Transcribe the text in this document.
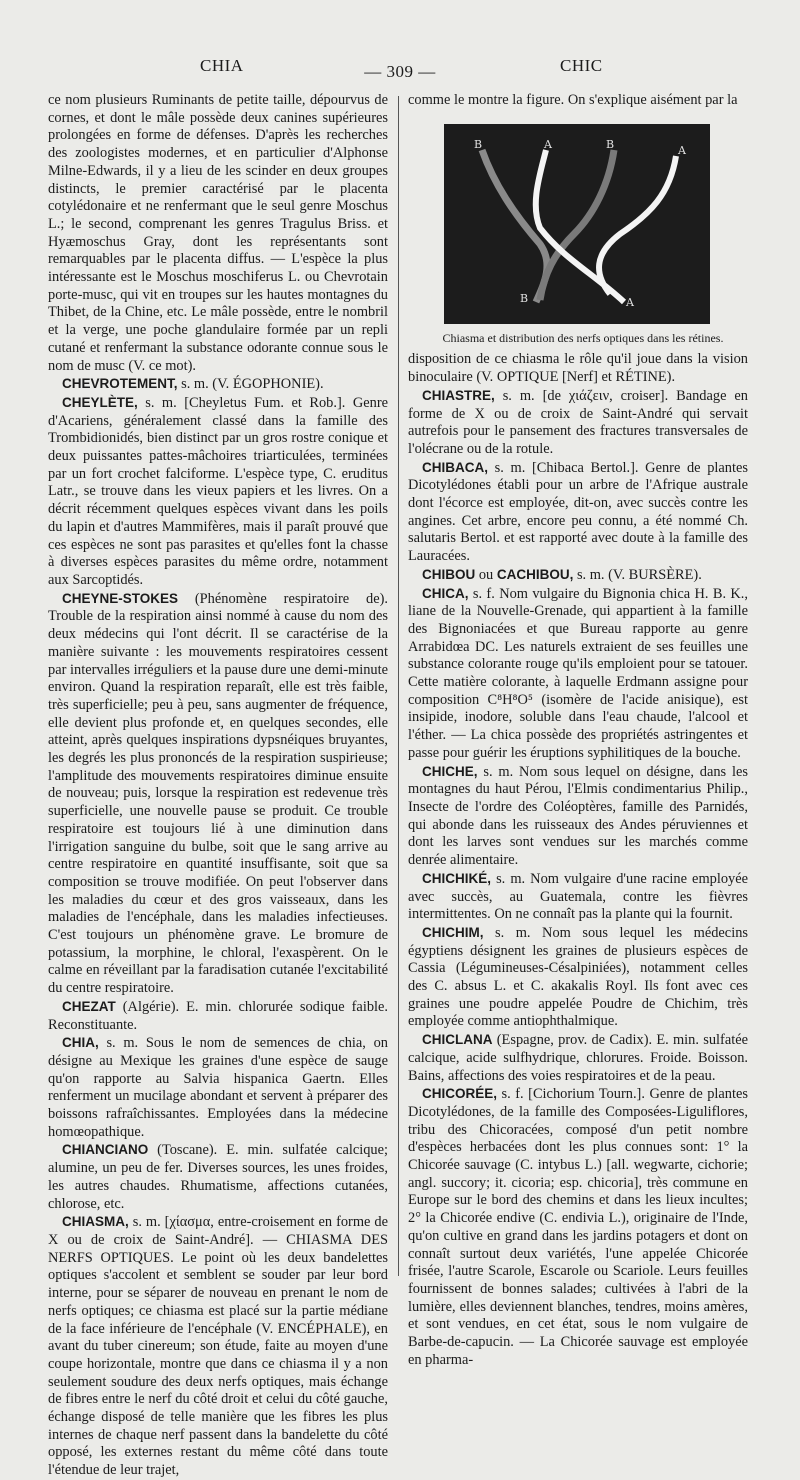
CHIA	— 309 —	CHIC

ce nom plusieurs Ruminants de petite taille, dépourvus de cornes, et dont le mâle possède deux canines supérieures prolongées en forme de défenses. D'après les recherches des zoologistes modernes, et en particulier d'Alphonse Milne-Edwards, il y a lieu de les scinder en deux groupes distincts, le premier caractérisé par le placenta cotylédonaire et ne renfermant que le seul genre Moschus L.; le second, comprenant les genres Tragulus Briss. et Hyæmoschus Gray, dont les représentants sont remarquables par le placenta diffus. — L'espèce la plus intéressante est le Moschus moschiferus L. ou Chevrotain porte-musc, qui vit en troupes sur les hautes montagnes du Thibet, de la Chine, etc. Le mâle possède, entre le nombril et la verge, une poche glandulaire formée par un repli cutané et renfermant la substance odorante connue sous le nom de musc (V. ce mot).

CHEVROTEMENT, s. m. (V. ÉGOPHONIE).

CHEYLÈTE, s. m. [Cheyletus Fum. et Rob.]. Genre d'Acariens, généralement classé dans la famille des Trombidionidés, bien distinct par un gros rostre conique et deux puissantes pattes-mâchoires triarticulées, terminées par un fort crochet falciforme. L'espèce type, C. eruditus Latr., se trouve dans les vieux papiers et les livres. On a décrit récemment quelques espèces vivant dans les poils du lapin et d'autres Mammifères, mais il paraît prouvé que ces espèces ne sont pas parasites et qu'elles font la chasse à diverses espèces parasites du même ordre, notamment aux Sarcoptidés.

CHEYNE-STOKES (Phénomène respiratoire de). Trouble de la respiration ainsi nommé à cause du nom des deux médecins qui l'ont décrit. Il se caractérise de la manière suivante : les mouvements respiratoires cessent par intervalles irréguliers et la pause dure une demi-minute environ. Quand la respiration reparaît, elle est très faible, très superficielle; peu à peu, sans augmenter de fréquence, elle devient plus profonde et, en quelques secondes, elle atteint, après quelques inspirations dypsnéiques bruyantes, les degrés les plus prononcés de la respiration suspirieuse; l'amplitude des mouvements respiratoires diminue ensuite de nouveau; puis, lorsque la respiration est redevenue très superficielle, une nouvelle pause se produit. Ce trouble respiratoire est toujours lié à une diminution dans l'irrigation sanguine du bulbe, soit que le sang arrive au centre respiratoire en quantité insuffisante, soit que sa composition se trouve modifiée. On peut l'observer dans les maladies du cœur et des gros vaisseaux, dans les maladies de l'encéphale, dans les maladies infectieuses. C'est toujours un phénomène grave. Le bromure de potassium, la morphine, le chloral, l'exaspèrent. On le calme en réveillant par la faradisation cutanée l'excitabilité du centre respiratoire.

CHEZAT (Algérie). E. min. chlorurée sodique faible. Reconstituante.

CHIA, s. m. Sous le nom de semences de chia, on désigne au Mexique les graines d'une espèce de sauge qu'on rapporte au Salvia hispanica Gaertn. Elles renferment un mucilage abondant et servent à préparer des boissons rafraîchissantes. Employées dans la médecine homœopathique.

CHIANCIANO (Toscane). E. min. sulfatée calcique; alumine, un peu de fer. Diverses sources, les unes froides, les autres chaudes. Rhumatisme, affections cutanées, chlorose, etc.

CHIASMA, s. m. [χίασμα, entre-croisement en forme de X ou de croix de Saint-André]. — CHIASMA DES NERFS OPTIQUES. Le point où les deux bandelettes optiques s'accolent et semblent se souder par leur bord interne, pour se séparer de nouveau en prenant le nom de nerfs optiques; ce chiasma est placé sur la partie médiane de la face inférieure de l'encéphale (V. ENCÉPHALE), en avant du tuber cinereum; son étude, faite au moyen d'une coupe horizontale, montre que dans ce chiasma il y a non seulement soudure des deux nerfs optiques, mais échange de fibres entre le nerf du côté droit et celui du côté gauche, échange disposé de telle manière que les fibres les plus internes de chaque nerf passent dans la bandelette du côté opposé, les externes restant du même côté dans toute l'étendue de leur trajet,

comme le montre la figure. On s'explique aisément par la

B	A	B	A
B	A
Chiasma et distribution des nerfs optiques dans les rétines.

disposition de ce chiasma le rôle qu'il joue dans la vision binoculaire (V. OPTIQUE [Nerf] et RÉTINE).

CHIASTRE, s. m. [de χιάζειν, croiser]. Bandage en forme de X ou de croix de Saint-André qui servait autrefois pour le pansement des fractures transversales de l'olécrane ou de la rotule.

CHIBACA, s. m. [Chibaca Bertol.]. Genre de plantes Dicotylédones établi pour un arbre de l'Afrique australe dont l'écorce est employée, dit-on, avec succès contre les angines. Cet arbre, encore peu connu, a été nommé Ch. salutaris Bertol. et est rapporté avec doute à la famille des Lauracées.

CHIBOU ou CACHIBOU, s. m. (V. BURSÈRE).

CHICA, s. f. Nom vulgaire du Bignonia chica H. B. K., liane de la Nouvelle-Grenade, qui appartient à la famille des Bignoniacées et que Bureau rapporte au genre Arrabidœa DC. Les naturels extraient de ses feuilles une substance colorante rouge qu'ils emploient pour se tatouer. Cette matière colorante, à laquelle Erdmann assigne pour composition C⁸H⁸O⁵ (isomère de l'acide anisique), est insipide, inodore, soluble dans l'eau chaude, l'alcool et l'éther. — La chica possède des propriétés astringentes et passe pour guérir les éruptions syphilitiques de la bouche.

CHICHE, s. m. Nom sous lequel on désigne, dans les montagnes du haut Pérou, l'Elmis condimentarius Philip., Insecte de l'ordre des Coléoptères, famille des Parnidés, qui abonde dans les ruisseaux des Andes péruviennes et dont les larves sont vendues sur les marchés comme denrée alimentaire.

CHICHIKÉ, s. m. Nom vulgaire d'une racine employée avec succès, au Guatemala, contre les fièvres intermittentes. On ne connaît pas la plante qui la fournit.

CHICHIM, s. m. Nom sous lequel les médecins égyptiens désignent les graines de plusieurs espèces de Cassia (Légumineuses-Césalpiniées), notamment celles des C. absus L. et C. akakalis Royl. Ils font avec ces graines une poudre appelée Poudre de Chichim, très employée comme antiophthalmique.

CHICLANA (Espagne, prov. de Cadix). E. min. sulfatée calcique, acide sulfhydrique, chlorures. Froide. Boisson. Bains, affections des voies respiratoires et de la peau.

CHICORÉE, s. f. [Cichorium Tourn.]. Genre de plantes Dicotylédones, de la famille des Composées-Liguliflores, tribu des Chicoracées, composé d'un petit nombre d'espèces herbacées dont les plus connues sont: 1° la Chicorée sauvage (C. intybus L.) [all. wegwarte, cichorie; angl. succory; it. cicoria; esp. chicoria], très commune en Europe sur le bord des chemins et dans les lieux incultes; 2° la Chicorée endive (C. endivia L.), originaire de l'Inde, qu'on cultive en grand dans les jardins potagers et dont on connaît surtout deux variétés, l'une appelée Chicorée frisée, l'autre Scarole, Escarole ou Scariole. Leurs feuilles fournissent de bonnes salades; cultivées à l'abri de la lumière, elles deviennent blanches, tendres, moins amères, et sont vendues, en cet état, sous le nom vulgaire de Barbe-de-capucin. — La Chicorée sauvage est employée en pharma-
